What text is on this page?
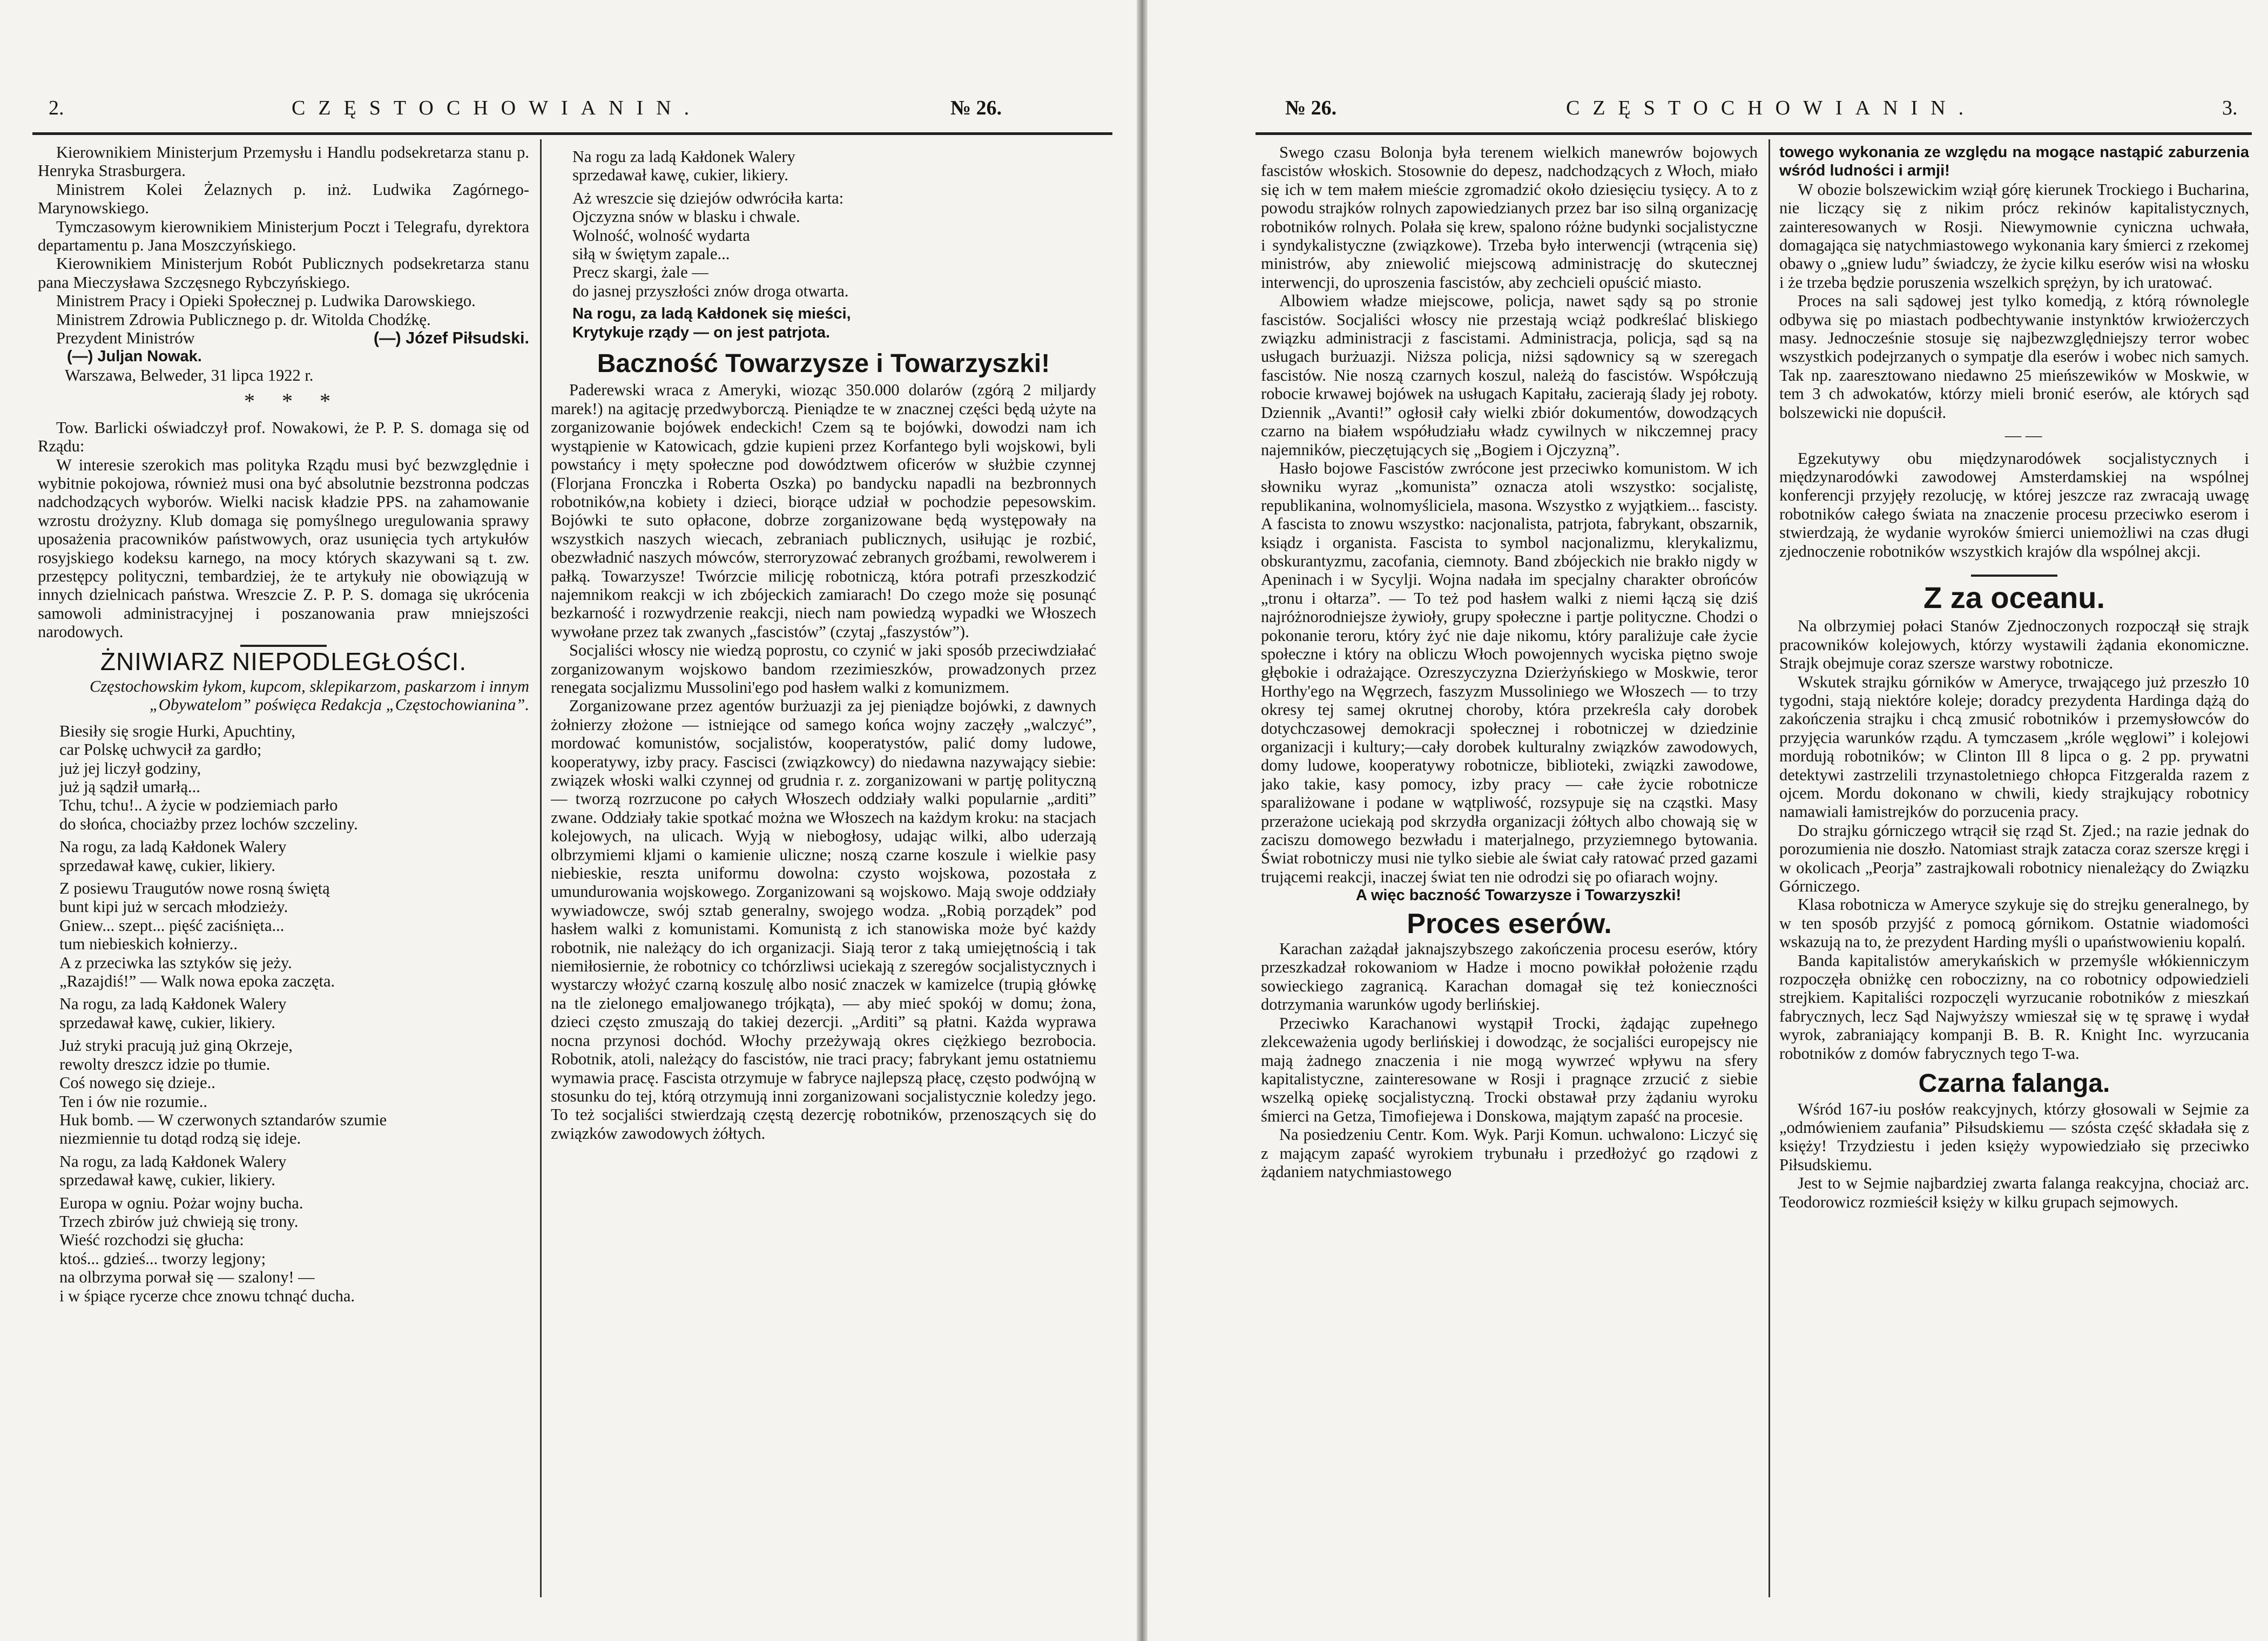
2.	CZĘSTOCHOWIANIN.	№ 26.

Kierownikiem Ministerjum Przemysłu i Handlu podsekretarza stanu p. Henryka Strasburgera.

Ministrem Kolei Żelaznych p. inż. Ludwika Zagórnego-Marynowskiego.

Tymczasowym kierownikiem Ministerjum Poczt i Telegrafu, dyrektora departamentu p. Jana Moszczyńskiego.

Kierownikiem Ministerjum Robót Publicznych podsekretarza stanu pana Mieczysława Szczęsnego Rybczyńskiego.

Ministrem Pracy i Opieki Społecznej p. Ludwika Darowskiego.

Ministrem Zdrowia Publicznego p. dr. Witolda Chodźkę.

Prezydent Ministrów	(—) Józef Piłsudski.

(—) Juljan Nowak.

Warszawa, Belweder, 31 lipca 1922 r.

* * *

Tow. Barlicki oświadczył prof. Nowakowi, że P. P. S. domaga się od Rządu:

W interesie szerokich mas polityka Rządu musi być bezwzględnie i wybitnie pokojowa, również musi ona być absolutnie bezstronna podczas nadchodzących wyborów. Wielki nacisk kładzie PPS. na zahamowanie wzrostu drożyzny. Klub domaga się pomyślnego uregulowania sprawy uposażenia pracowników państwowych, oraz usunięcia tych artykułów rosyjskiego kodeksu karnego, na mocy których skazywani są t. zw. przestępcy polityczni, tembardziej, że te artykuły nie obowiązują w innych dzielnicach państwa. Wreszcie Z. P. P. S. domaga się ukrócenia samowoli administracyjnej i poszanowania praw mniejszości narodowych.

ŻNIWIARZ NIEPODLEGŁOŚCI.

Częstochowskim łykom, kupcom, sklepikarzom, paskarzom i innym „Obywatelom” poświęca Redakcja „Częstochowianina”.

Biesiły się srogie Hurki, Apuchtiny,
car Polskę uchwycił za gardło;
już jej liczył godziny,
już ją sądził umarłą...
Tchu, tchu!.. A życie w podziemiach parło
do słońca, chociażby przez lochów szczeliny.
Na rogu, za ladą Kałdonek Walery
sprzedawał kawę, cukier, likiery.
Z posiewu Traugutów nowe rosną świętą
bunt kipi już w sercach młodzieży.
Gniew... szept... pięść zaciśnięta...
tum niebieskich kołnierzy..
A z przeciwka las sztyków się jeży.
„Razajdiś!” — Walk nowa epoka zaczęta.
Na rogu, za ladą Kałdonek Walery
sprzedawał kawę, cukier, likiery.
Już stryki pracują już giną Okrzeje,
rewolty dreszcz idzie po tłumie.
Coś nowego się dzieje..
Ten i ów nie rozumie..
Huk bomb. — W czerwonych sztandarów szumie
niezmiennie tu dotąd rodzą się ideje.
Na rogu, za ladą Kałdonek Walery
sprzedawał kawę, cukier, likiery.
Europa w ogniu. Pożar wojny bucha.
Trzech zbirów już chwieją się trony.
Wieść rozchodzi się głucha:
ktoś... gdzieś... tworzy legjony;
na olbrzyma porwał się — szalony! —
i w śpiące rycerze chce znowu tchnąć ducha.
Na rogu za ladą Kałdonek Walery
sprzedawał kawę, cukier, likiery.
Aż wreszcie się dziejów odwróciła karta:
Ojczyzna snów w blasku i chwale.
Wolność, wolność wydarta
siłą w świętym zapale...
Precz skargi, żale —
do jasnej przyszłości znów droga otwarta.
Na rogu, za ladą Kałdonek się mieści,
Krytykuje rządy — on jest patrjota.
Baczność Towarzysze i Towarzyszki!

Paderewski wraca z Ameryki, wioząc 350.000 dolarów (zgórą 2 miljardy marek!) na agitację przedwyborczą. Pieniądze te w znacznej części będą użyte na zorganizowanie bojówek endeckich! Czem są te bojówki, dowodzi nam ich wystąpienie w Katowicach, gdzie kupieni przez Korfantego byli wojskowi, byli powstańcy i męty społeczne pod dowództwem oficerów w służbie czynnej (Florjana Fronczka i Roberta Oszka) po bandycku napadli na bezbronnych robotników,na kobiety i dzieci, biorące udział w pochodzie pepesowskim. Bojówki te suto opłacone, dobrze zorganizowane będą występowały na wszystkich naszych wiecach, zebraniach publicznych, usiłując je rozbić, obezwładnić naszych mówców, sterroryzować zebranych groźbami, rewolwerem i pałką. Towarzysze! Twórzcie milicję robotniczą, która potrafi przeszkodzić najemnikom reakcji w ich zbójeckich zamiarach! Do czego może się posunąć bezkarność i rozwydrzenie reakcji, niech nam powiedzą wypadki we Włoszech wywołane przez tak zwanych „fascistów” (czytaj „faszystów”).

Socjaliści włoscy nie wiedzą poprostu, co czynić w jaki sposób przeciwdziałać zorganizowanym wojskowo bandom rzezimieszków, prowadzonych przez renegata socjalizmu Mussolini'ego pod hasłem walki z komunizmem.

Zorganizowane przez agentów burżuazji za jej pieniądze bojówki, z dawnych żołnierzy złożone — istniejące od samego końca wojny zaczęły „walczyć”, mordować komunistów, socjalistów, kooperatystów, palić domy ludowe, kooperatywy, izby pracy. Fascisci (związkowcy) do niedawna nazywający siebie: związek włoski walki czynnej od grudnia r. z. zorganizowani w partję polityczną — tworzą rozrzucone po całych Włoszech oddziały walki popularnie „arditi” zwane. Oddziały takie spotkać można we Włoszech na każdym kroku: na stacjach kolejowych, na ulicach. Wyją w niebogłosy, udając wilki, albo uderzają olbrzymiemi kljami o kamienie uliczne; noszą czarne koszule i wielkie pasy niebieskie, reszta uniformu dowolna: czysto wojskowa, pozostała z umundurowania wojskowego. Zorganizowani są wojskowo. Mają swoje oddziały wywiadowcze, swój sztab generalny, swojego wodza. „Robią porządek” pod hasłem walki z komunistami. Komunistą z ich stanowiska może być każdy robotnik, nie należący do ich organizacji. Siają teror z taką umiejętnością i tak niemiłosiernie, że robotnicy co tchórzliwsi uciekają z szeregów socjalistycznych i wystarczy włożyć czarną koszulę albo nosić znaczek w kamizelce (trupią główkę na tle zielonego emaljowanego trójkąta), — aby mieć spokój w domu; żona, dzieci często zmuszają do takiej dezercji. „Arditi” są płatni. Każda wyprawa nocna przynosi dochód. Włochy przeżywają okres ciężkiego bezrobocia. Robotnik, atoli, należący do fascistów, nie traci pracy; fabrykant jemu ostatniemu wymawia pracę. Fascista otrzymuje w fabryce najlepszą płacę, często podwójną w stosunku do tej, którą otrzymują inni zorganizowani socjalistycznie koledzy jego. To też socjaliści stwierdzają częstą dezercję robotników, przenoszących się do związków zawodowych żółtych.

№ 26.	CZĘSTOCHOWIANIN.	3.

Swego czasu Bolonja była terenem wielkich manewrów bojowych fascistów włoskich. Stosownie do depesz, nadchodzących z Włoch, miało się ich w tem małem mieście zgromadzić około dziesięciu tysięcy. A to z powodu strajków rolnych zapowiedzianych przez bar iso silną organizację robotników rolnych. Polała się krew, spalono różne budynki socjalistyczne i syndykalistyczne (związkowe). Trzeba było interwencji (wtrącenia się) ministrów, aby zniewolić miejscową administrację do skutecznej interwencji, do uproszenia fascistów, aby zechcieli opuścić miasto.

Albowiem władze miejscowe, policja, nawet sądy są po stronie fascistów. Socjaliści włoscy nie przestają wciąż podkreślać bliskiego związku administracji z fascistami. Administracja, policja, sąd są na usługach burżuazji. Niższa policja, niżsi sądownicy są w szeregach fascistów. Nie noszą czarnych koszul, należą do fascistów. Współczują robocie krwawej bojówek na usługach Kapitału, zacierają ślady jej roboty. Dziennik „Avanti!” ogłosił cały wielki zbiór dokumentów, dowodzących czarno na białem współudziału władz cywilnych w nikczemnej pracy najemników, pieczętujących się „Bogiem i Ojczyzną”.

Hasło bojowe Fascistów zwrócone jest przeciwko komunistom. W ich słowniku wyraz „komunista” oznacza atoli wszystko: socjalistę, republikanina, wolnomyśliciela, masona. Wszystko z wyjątkiem... fascisty. A fascista to znowu wszystko: nacjonalista, patrjota, fabrykant, obszarnik, ksiądz i organista. Fascista to symbol nacjonalizmu, klerykalizmu, obskurantyzmu, zacofania, ciemnoty. Band zbójeckich nie brakło nigdy w Apeninach i w Sycylji. Wojna nadała im specjalny charakter obrońców „tronu i ołtarza”. — To też pod hasłem walki z niemi łączą się dziś najróżnorodniejsze żywioły, grupy społeczne i partje polityczne. Chodzi o pokonanie teroru, który żyć nie daje nikomu, który paraliżuje całe życie społeczne i który na obliczu Włoch powojennych wyciska piętno swoje głębokie i odrażające. Ozreszyczyzna Dzierżyńskiego w Moskwie, teror Horthy'ego na Węgrzech, faszyzm Mussoliniego we Włoszech — to trzy okresy tej samej okrutnej choroby, która przekreśla cały dorobek dotychczasowej demokracji społecznej i robotniczej w dziedzinie organizacji i kultury;—cały dorobek kulturalny związków zawodowych, domy ludowe, kooperatywy robotnicze, biblioteki, związki zawodowe, jako takie, kasy pomocy, izby pracy — całe życie robotnicze sparaliżowane i podane w wątpliwość, rozsypuje się na cząstki. Masy przerażone uciekają pod skrzydła organizacji żółtych albo chowają się w zaciszu domowego bezwładu i materjalnego, przyziemnego bytowania. Świat robotniczy musi nie tylko siebie ale świat cały ratować przed gazami trującemi reakcji, inaczej świat ten nie odrodzi się po ofiarach wojny.

A więc baczność Towarzysze i Towarzyszki!

Proces eserów.

Karachan zażądał jaknajszybszego zakończenia procesu eserów, który przeszkadzał rokowaniom w Hadze i mocno powikłał położenie rządu sowieckiego zagranicą. Karachan domagał się też konieczności dotrzymania warunków ugody berlińskiej.

Przeciwko Karachanowi wystąpił Trocki, żądając zupełnego zlekceważenia ugody berlińskiej i dowodząc, że socjaliści europejscy nie mają żadnego znaczenia i nie mogą wywrzeć wpływu na sfery kapitalistyczne, zainteresowane w Rosji i pragnące zrzucić z siebie wszelką opiekę socjalistyczną. Trocki obstawał przy żądaniu wyroku śmierci na Getza, Timofiejewa i Donskowa, majątym zapaść na procesie.

Na posiedzeniu Centr. Kom. Wyk. Parji Komun. uchwalono: Liczyć się z mającym zapaść wyrokiem trybunału i przedłożyć go rządowi z żądaniem natychmiastowego

towego wykonania ze względu na mogące nastąpić zaburzenia wśród ludności i armji!

W obozie bolszewickim wziął górę kierunek Trockiego i Bucharina, nie liczący się z nikim prócz rekinów kapitalistycznych, zainteresowanych w Rosji. Niewymownie cyniczna uchwała, domagająca się natychmiastowego wykonania kary śmierci z rzekomej obawy o „gniew ludu” świadczy, że życie kilku eserów wisi na włosku i że trzeba będzie poruszenia wszelkich sprężyn, by ich uratować.

Proces na sali sądowej jest tylko komedją, z którą równolegle odbywa się po miastach podbechtywanie instynktów krwiożerczych masy. Jednocześnie stosuje się najbezwzględniejszy terror wobec wszystkich podejrzanych o sympatje dla eserów i wobec nich samych. Tak np. zaaresztowano niedawno 25 mieńszewików w Moskwie, w tem 3 ch adwokatów, którzy mieli bronić eserów, ale których sąd bolszewicki nie dopuścił.

— —

Egzekutywy obu międzynarodówek socjalistycznych i międzynarodówki zawodowej Amsterdamskiej na wspólnej konferencji przyjęły rezolucję, w której jeszcze raz zwracają uwagę robotników całego świata na znaczenie procesu przeciwko eserom i stwierdzają, że wydanie wyroków śmierci uniemożliwi na czas długi zjednoczenie robotników wszystkich krajów dla wspólnej akcji.

Z za oceanu.

Na olbrzymiej połaci Stanów Zjednoczonych rozpoczął się strajk pracowników kolejowych, którzy wystawili żądania ekonomiczne. Strajk obejmuje coraz szersze warstwy robotnicze.

Wskutek strajku górników w Ameryce, trwającego już przeszło 10 tygodni, stają niektóre koleje; doradcy prezydenta Hardinga dążą do zakończenia strajku i chcą zmusić robotników i przemysłowców do przyjęcia warunków rządu. A tymczasem „króle węglowi” i kolejowi mordują robotników; w Clinton Ill 8 lipca o g. 2 pp. prywatni detektywi zastrzelili trzynastoletniego chłopca Fitzgeralda razem z ojcem. Mordu dokonano w chwili, kiedy strajkujący robotnicy namawiali łamistrejków do porzucenia pracy.

Do strajku górniczego wtrącił się rząd St. Zjed.; na razie jednak do porozumienia nie doszło. Natomiast strajk zatacza coraz szersze kręgi i w okolicach „Peorja” zastrajkowali robotnicy nienależący do Związku Górniczego.

Klasa robotnicza w Ameryce szykuje się do strejku generalnego, by w ten sposób przyjść z pomocą górnikom. Ostatnie wiadomości wskazują na to, że prezydent Harding myśli o upaństwowieniu kopalń.

Banda kapitalistów amerykańskich w przemyśle włókienniczym rozpoczęła obniżkę cen roboczizny, na co robotnicy odpowiedzieli strejkiem. Kapitaliści rozpoczęli wyrzucanie robotników z mieszkań fabrycznych, lecz Sąd Najwyższy wmieszał się w tę sprawę i wydał wyrok, zabraniający kompanji B. B. R. Knight Inc. wyrzucania robotników z domów fabrycznych tego T-wa.

Czarna falanga.

Wśród 167-iu posłów reakcyjnych, którzy głosowali w Sejmie za „odmówieniem zaufania” Piłsudskiemu — szósta część składała się z księży! Trzydziestu i jeden księży wypowiedziało się przeciwko Piłsudskiemu.

Jest to w Sejmie najbardziej zwarta falanga reakcyjna, chociaż arc. Teodorowicz rozmieścił księży w kilku grupach sejmowych.
